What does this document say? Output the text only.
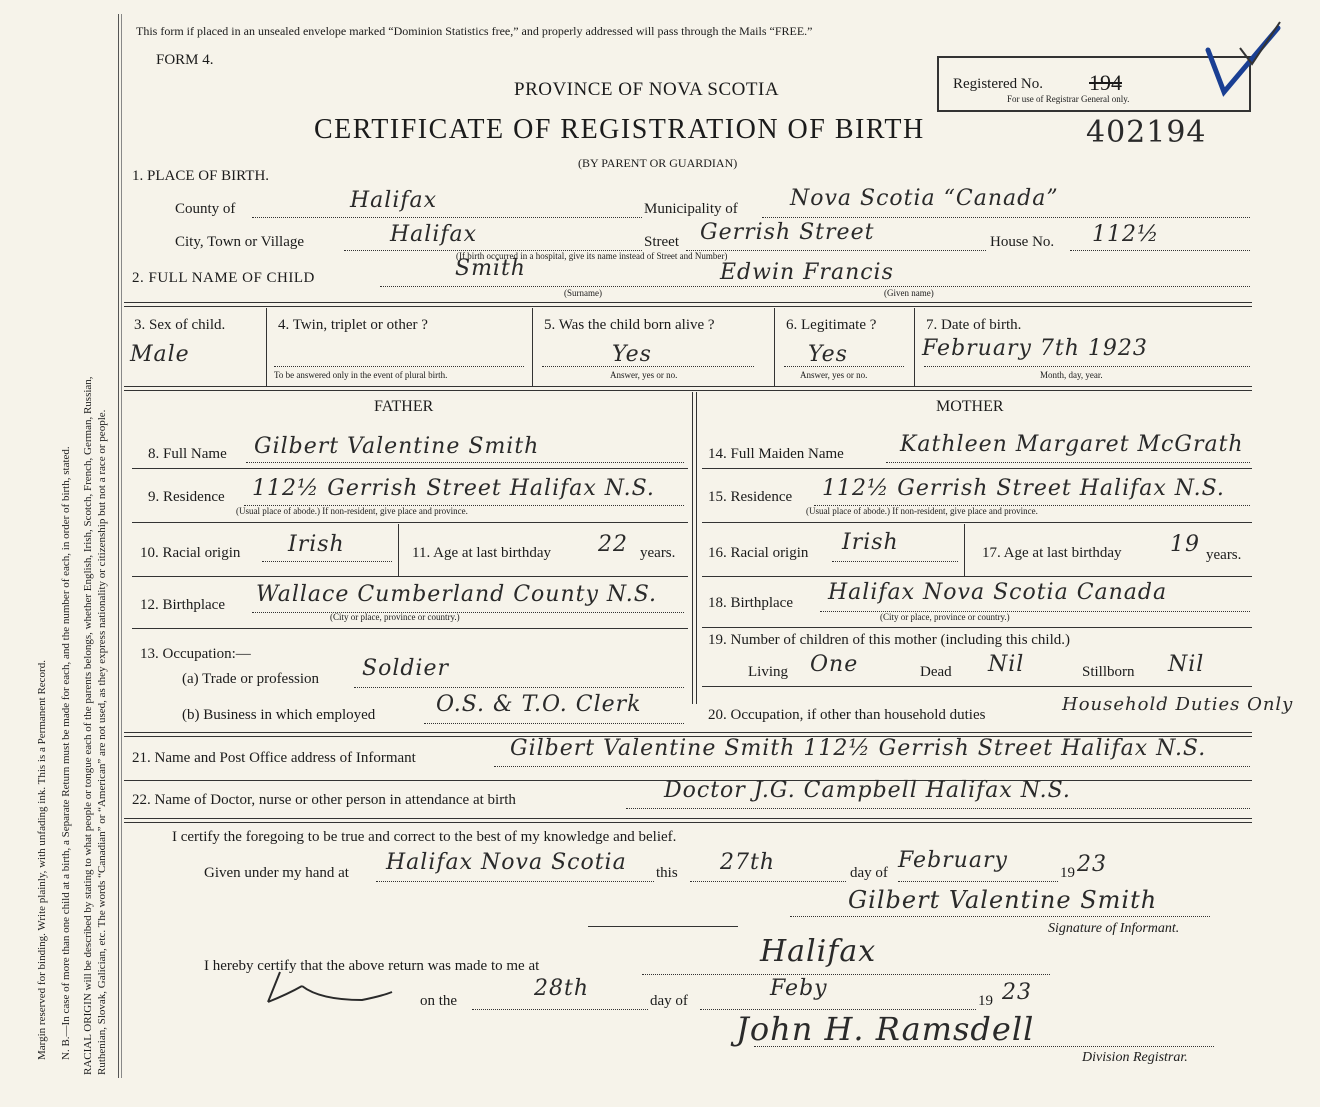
Margin reserved for binding. Write plainly, with unfading ink. This is a Permanent Record. N. B.—In case of more than one child at a birth, a Separate Return must be made for each, and the number of each, in order of birth, stated. RACIAL ORIGIN will be described by stating to what people or tongue each of the parents belongs, whether English, Irish, Scotch, French, German, Russian, Ruthenian, Slovak, Galician, etc. The words “Canadian” or “American” are not used, as they express nationality or citizenship but not a race or people.
This form if placed in an unsealed envelope marked “Dominion Statistics free,” and properly addressed will pass through the Mails “FREE.”
FORM 4.
PROVINCE OF NOVA SCOTIA
CERTIFICATE OF REGISTRATION OF BIRTH	402194
(BY PARENT OR GUARDIAN)
Registered No. 194
For use of Registrar General only.
1. PLACE OF BIRTH.
County of	Halifax	Municipality of Nova Scotia “Canada”
City, Town or Village	Halifax	Street Gerrish Street	House No. 112½
(If birth occurred in a hospital, give its name instead of Street and Number)
2. FULL NAME OF CHILD	Smith	Edwin Francis
(Surname)	(Given name)
3. Sex of child.
Male
4. Twin, triplet or other ?
To be answered only in the event of plural birth.
5. Was the child born alive ?
Yes
Answer, yes or no.
6. Legitimate ?
Yes
Answer, yes or no.
7. Date of birth.
February 7th 1923
Month, day, year.
FATHER	MOTHER
8. Full Name Gilbert Valentine Smith
9. Residence 112½ Gerrish Street Halifax N.S.
(Usual place of abode.) If non-resident, give place and province.
10. Racial origin Irish	11. Age at last birthday 22 years.
12. Birthplace Wallace Cumberland County N.S.
(City or place, province or country.)
13. Occupation:—
(a) Trade or profession Soldier
(b) Business in which employed	O.S. & T.O. Clerk
14. Full Maiden Name	Kathleen Margaret McGrath
15. Residence 112½ Gerrish Street Halifax N.S.
(Usual place of abode.) If non-resident, give place and province.
16. Racial origin Irish	17. Age at last birthday 19 years.
18. Birthplace Halifax Nova Scotia Canada
(City or place, province or country.)
19. Number of children of this mother (including this child.)
Living One	Dead Nil	Stillborn Nil
20. Occupation, if other than household duties	Household Duties Only
21. Name and Post Office address of Informant	Gilbert Valentine Smith 112½ Gerrish Street Halifax N.S.
22. Name of Doctor, nurse or other person in attendance at birth	Doctor J.G. Campbell Halifax N.S.
I certify the foregoing to be true and correct to the best of my knowledge and belief.
Given under my hand at Halifax Nova Scotia this 27th	day of February	19 23
Gilbert Valentine Smith
Signature of Informant.
I hereby certify that the above return was made to me at	Halifax
on the	28th	day of	Feby	19 23
John H. Ramsdell
Division Registrar.
